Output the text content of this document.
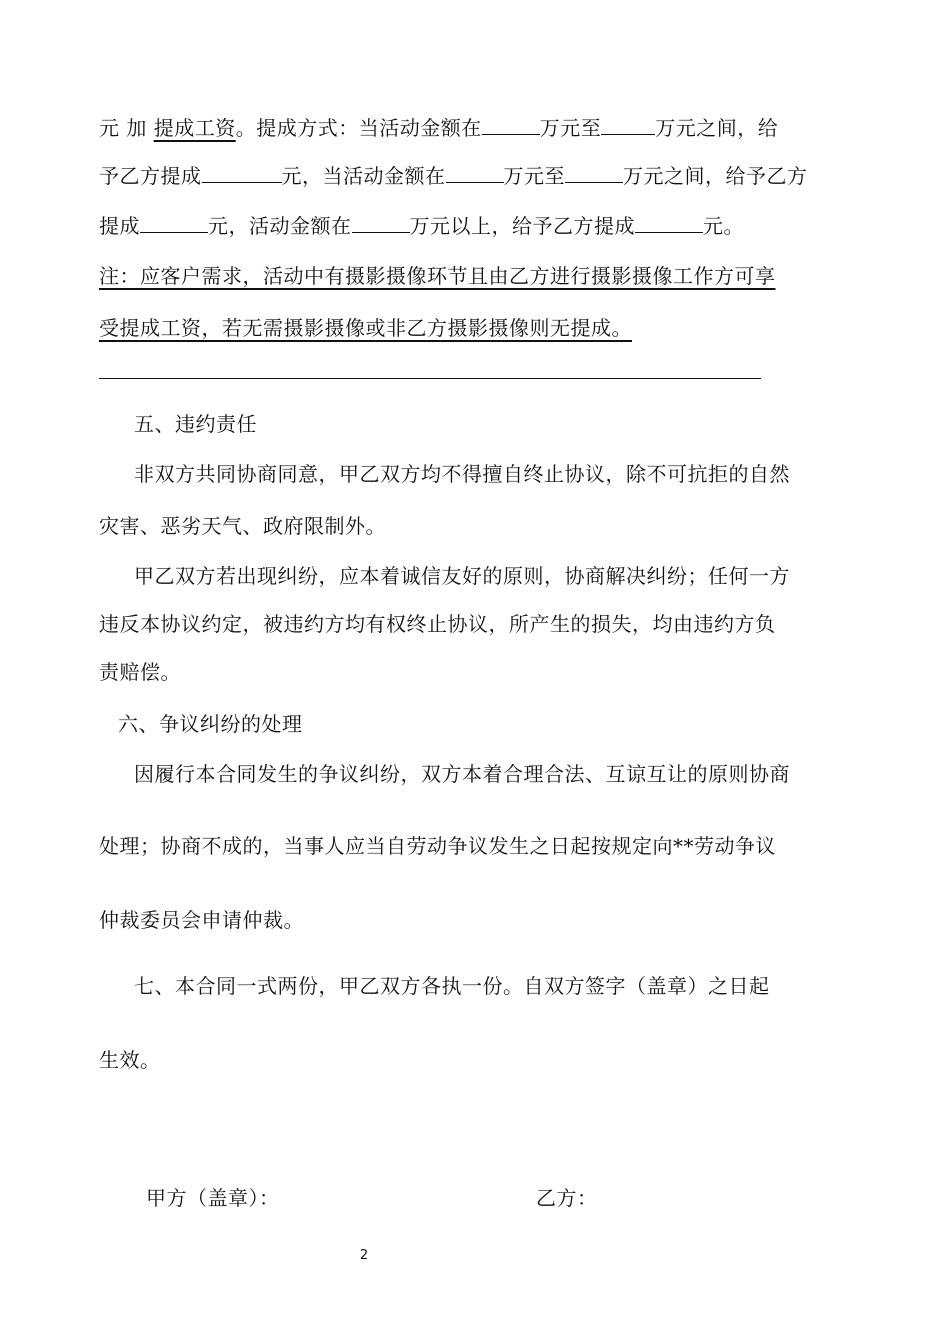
元 加 提成工资。提成方式：当活动金额在	万元至	万元之间，给
予乙方提成	元，当活动金额在	万元至	万元之间，给予乙方
提成	元，活动金额在	万元以上，给予乙方提成	元。
注：应客户需求，活动中有摄影摄像环节且由乙方进行摄影摄像工作方可享
受提成工资，若无需摄影摄像或非乙方摄影摄像则无提成。
五、违约责任
非双方共同协商同意，甲乙双方均不得擅自终止协议，除不可抗拒的自然
灾害、恶劣天气、政府限制外。
甲乙双方若出现纠纷，应本着诚信友好的原则，协商解决纠纷；任何一方
违反本协议约定，被违约方均有权终止协议，所产生的损失，均由违约方负
责赔偿。
六、争议纠纷的处理
因履行本合同发生的争议纠纷，双方本着合理合法、互谅互让的原则协商
处理；协商不成的，当事人应当自劳动争议发生之日起按规定向**劳动争议
仲裁委员会申请仲裁。
七、本合同一式两份，甲乙双方各执一份。自双方签字（盖章）之日起
生效。
甲方（盖章）：	乙方：
2
